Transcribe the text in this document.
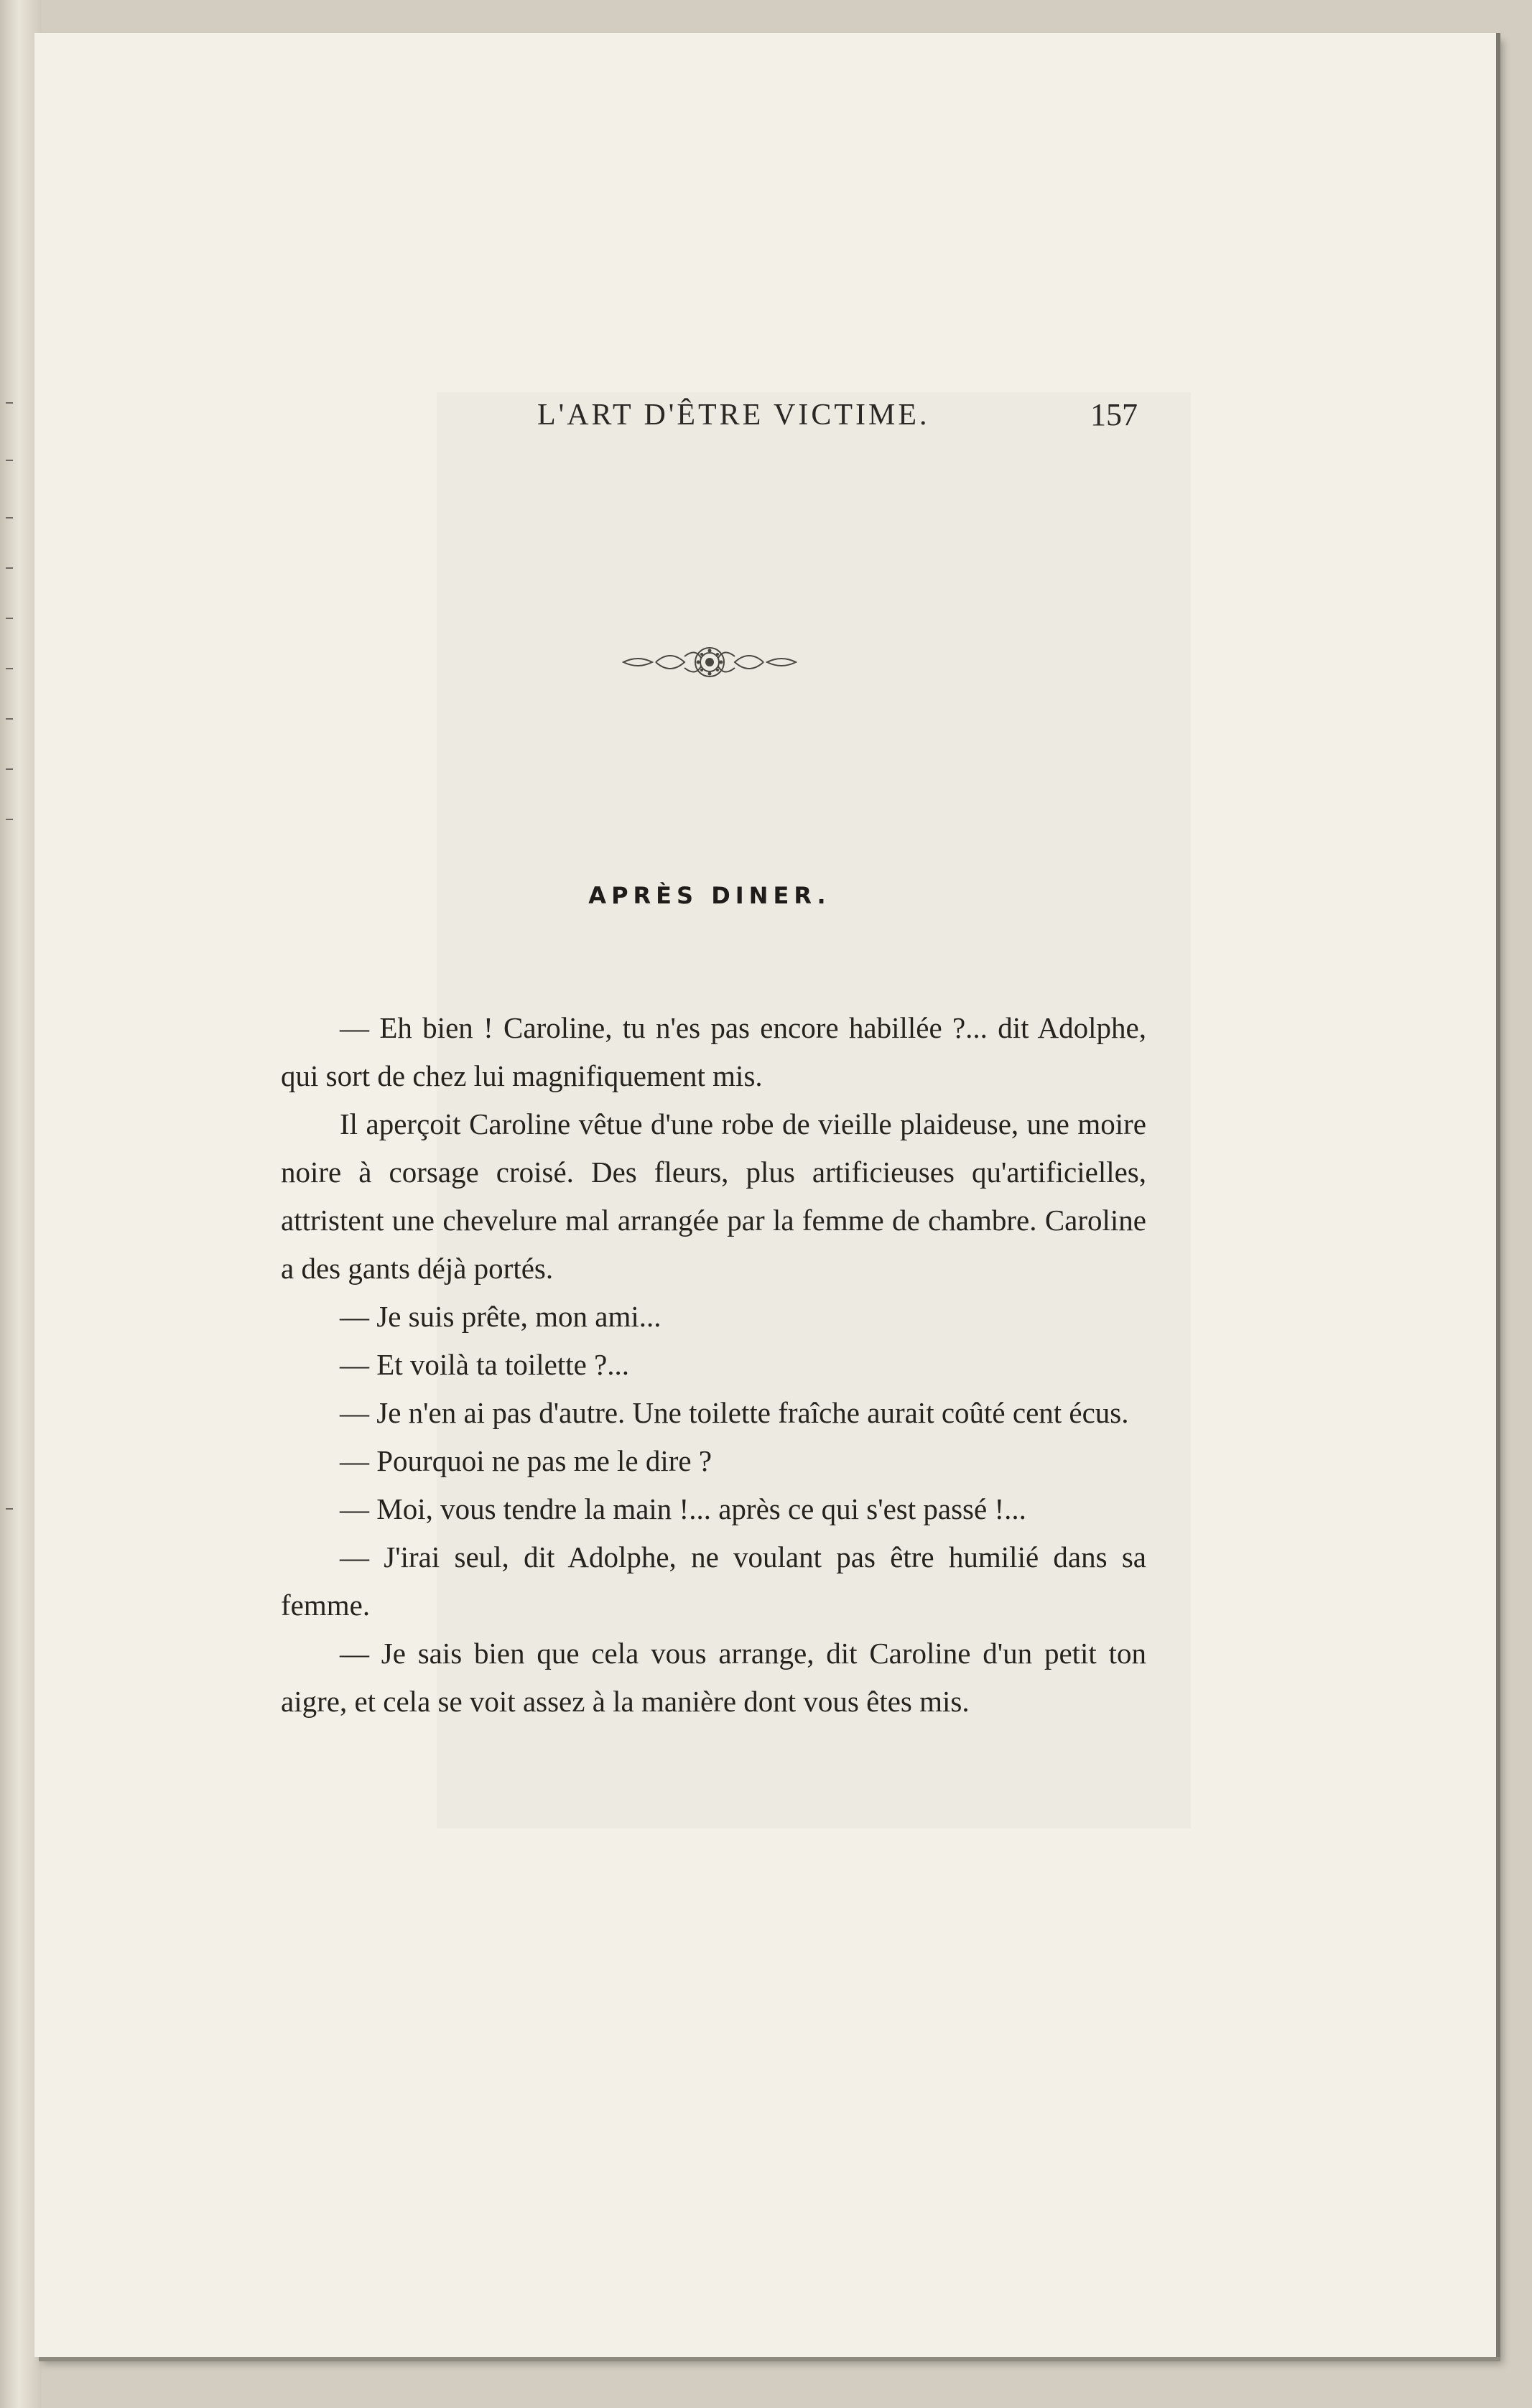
L'ART D'ÊTRE VICTIME.	157
APRÈS DINER.

— Eh bien ! Caroline, tu n'es pas encore habillée ?... dit Adolphe, qui sort de chez lui magnifiquement mis.

Il aperçoit Caroline vêtue d'une robe de vieille plaideuse, une moire noire à corsage croisé. Des fleurs, plus artificieuses qu'artificielles, attristent une chevelure mal arrangée par la femme de chambre. Caroline a des gants déjà portés.

— Je suis prête, mon ami...

— Et voilà ta toilette ?...

— Je n'en ai pas d'autre. Une toilette fraîche aurait coûté cent écus.

— Pourquoi ne pas me le dire ?

— Moi, vous tendre la main !... après ce qui s'est passé !...

— J'irai seul, dit Adolphe, ne voulant pas être humilié dans sa femme.

— Je sais bien que cela vous arrange, dit Caroline d'un petit ton aigre, et cela se voit assez à la manière dont vous êtes mis.
